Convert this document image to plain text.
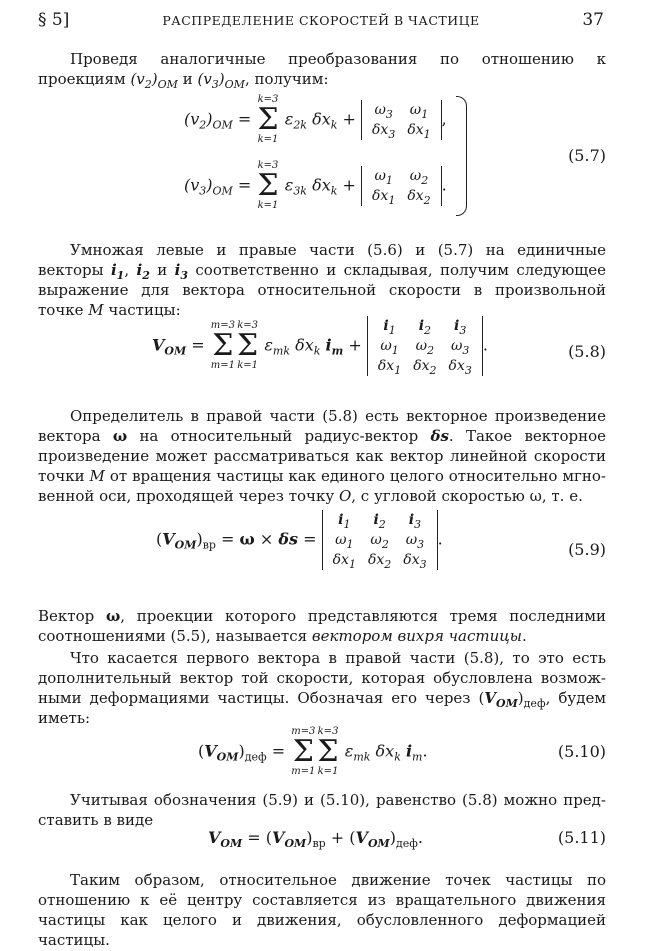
§ 5]	РАСПРЕДЕЛЕНИЕ СКОРОСТЕЙ В ЧАСТИЦЕ	37
Проведя аналогичные преобразования по отношению к проекциям $(v_2)_{OM}$ и $(v_3)_{OM}$, получим:
$(v_2)_{OM}$ =
k=3
Σ
k=1
$\varepsilon_{2k}$ $\delta x_k + \omega_3$	$\omega_1$
$\delta x_3$	$\delta x_1$
,
$(v_3)_{OM}$ =
k=3
Σ
k=1
$\varepsilon_{3k}$ $\delta x_k + \omega_1$	$\omega_2$
$\delta x_1$	$\delta x_2$
.
(5.7)
Умножая левые и правые части (5.6) и (5.7) на единичные векторы $i_1$, $i_2$ и $i_3$ соответственно и складывая, получим следующее выражение для вектора относительной скорости в произвольной точке M частицы:
$V_{OM}$ =
m=3
Σ
m=1
k=3
Σ
k=1
$\varepsilon_{mk}$ $\delta x_k$ $i_m$ +
$i_1$	$i_2$	$i_3$
$\omega_1$	$\omega_2$	$\omega_3$
$\delta x_1$	$\delta x_2$	$\delta x_3$
.	(5.8)
Определитель в правой части (5.8) есть векторное произведение вектора ω на относительный радиус-вектор δs. Такое векторное произведение может рассматриваться как вектор линейной скорости точки M от вращения частицы как единого целого относительно мгно- венной оси, проходящей через точку O, с угловой скоростью ω, т. е.
$(V_{OM})_{вр} = \omega \times \delta s$ =
$i_1$	$i_2$	$i_3$
$\omega_1$	$\omega_2$	$\omega_3$
$\delta x_1$	$\delta x_2$	$\delta x_3$
.
(5.9)
Вектор ω, проекции которого представляются тремя последними соотношениями (5.5), называется вектором вихря частицы.
Что касается первого вектора в правой части (5.8), то это есть дополнительный вектор той скорости, которая обусловлена возмож-ными деформациями частицы. Обозначая его через $(V_{OM})_{деф}$, будем иметь:
$(V_{OM})_{деф}$ =
m=3
Σ
m=1
k=3
Σ
k=1
$\varepsilon_{mk}$ $\delta x_k$ $i_m$.	(5.10)
Учитывая обозначения (5.9) и (5.10), равенство (5.8) можно пред- ставить в виде
$V_{OM} = (V_{OM})_{вр} + (V_{OM})_{деф}$.	(5.11)
Таким образом, относительное движение точек частицы по отношению к её центру составляется из вращательного движения частицы как целого и движения, обусловленного деформацией частицы.
